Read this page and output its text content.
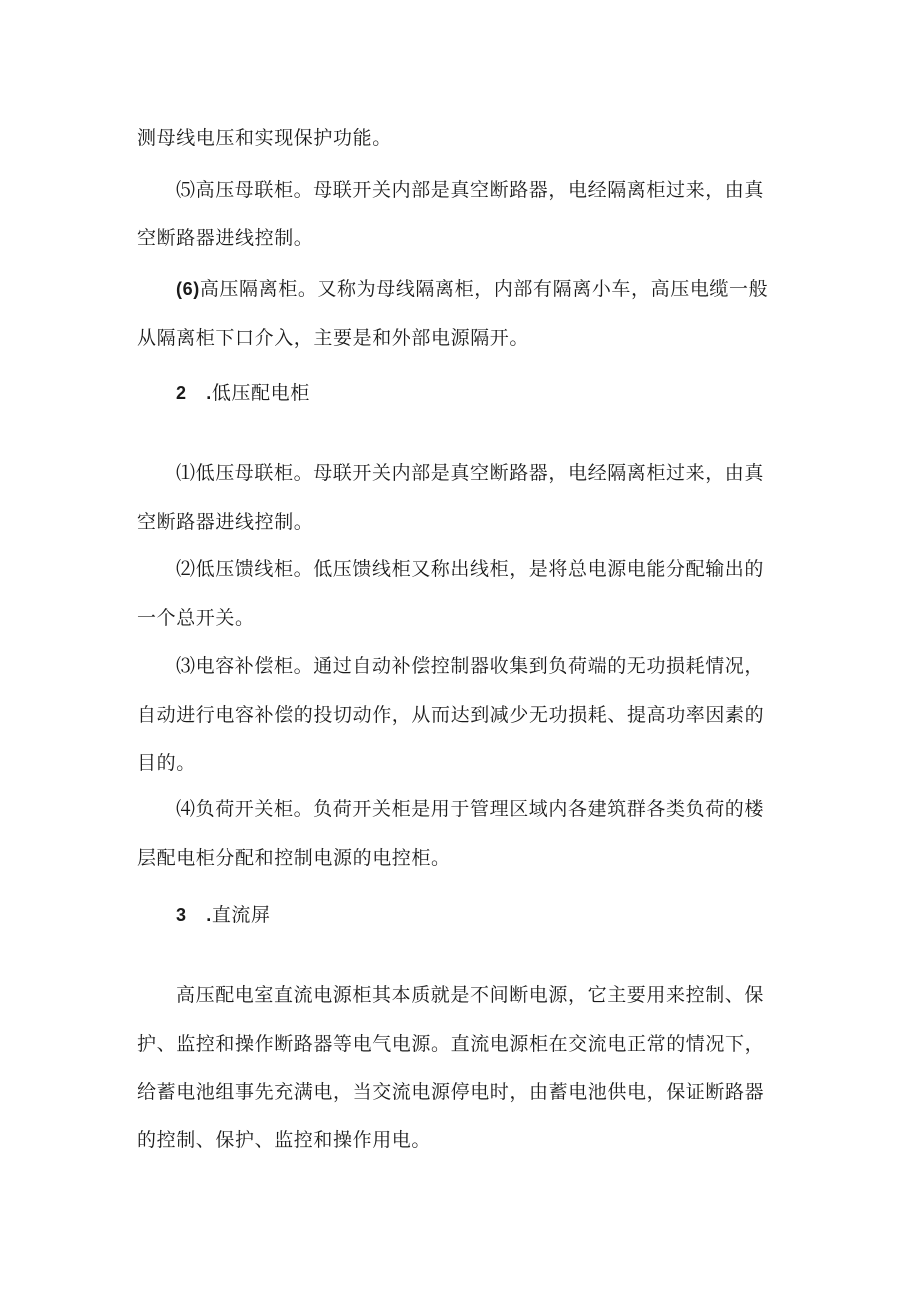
测母线电压和实现保护功能。
⑸高压母联柜。母联开关内部是真空断路器，电经隔离柜过来，由真
空断路器进线控制。
(6)高压隔离柜。又称为母线隔离柜，内部有隔离小车，高压电缆一般
从隔离柜下口介入，主要是和外部电源隔开。
2 .低压配电柜
⑴低压母联柜。母联开关内部是真空断路器，电经隔离柜过来，由真
空断路器进线控制。
⑵低压馈线柜。低压馈线柜又称出线柜，是将总电源电能分配输出的
一个总开关。
⑶电容补偿柜。通过自动补偿控制器收集到负荷端的无功损耗情况，
自动进行电容补偿的投切动作，从而达到减少无功损耗、提高功率因素的
目的。
⑷负荷开关柜。负荷开关柜是用于管理区域内各建筑群各类负荷的楼
层配电柜分配和控制电源的电控柜。
3 .直流屏
高压配电室直流电源柜其本质就是不间断电源，它主要用来控制、保
护、监控和操作断路器等电气电源。直流电源柜在交流电正常的情况下，
给蓄电池组事先充满电，当交流电源停电时，由蓄电池供电，保证断路器
的控制、保护、监控和操作用电。
